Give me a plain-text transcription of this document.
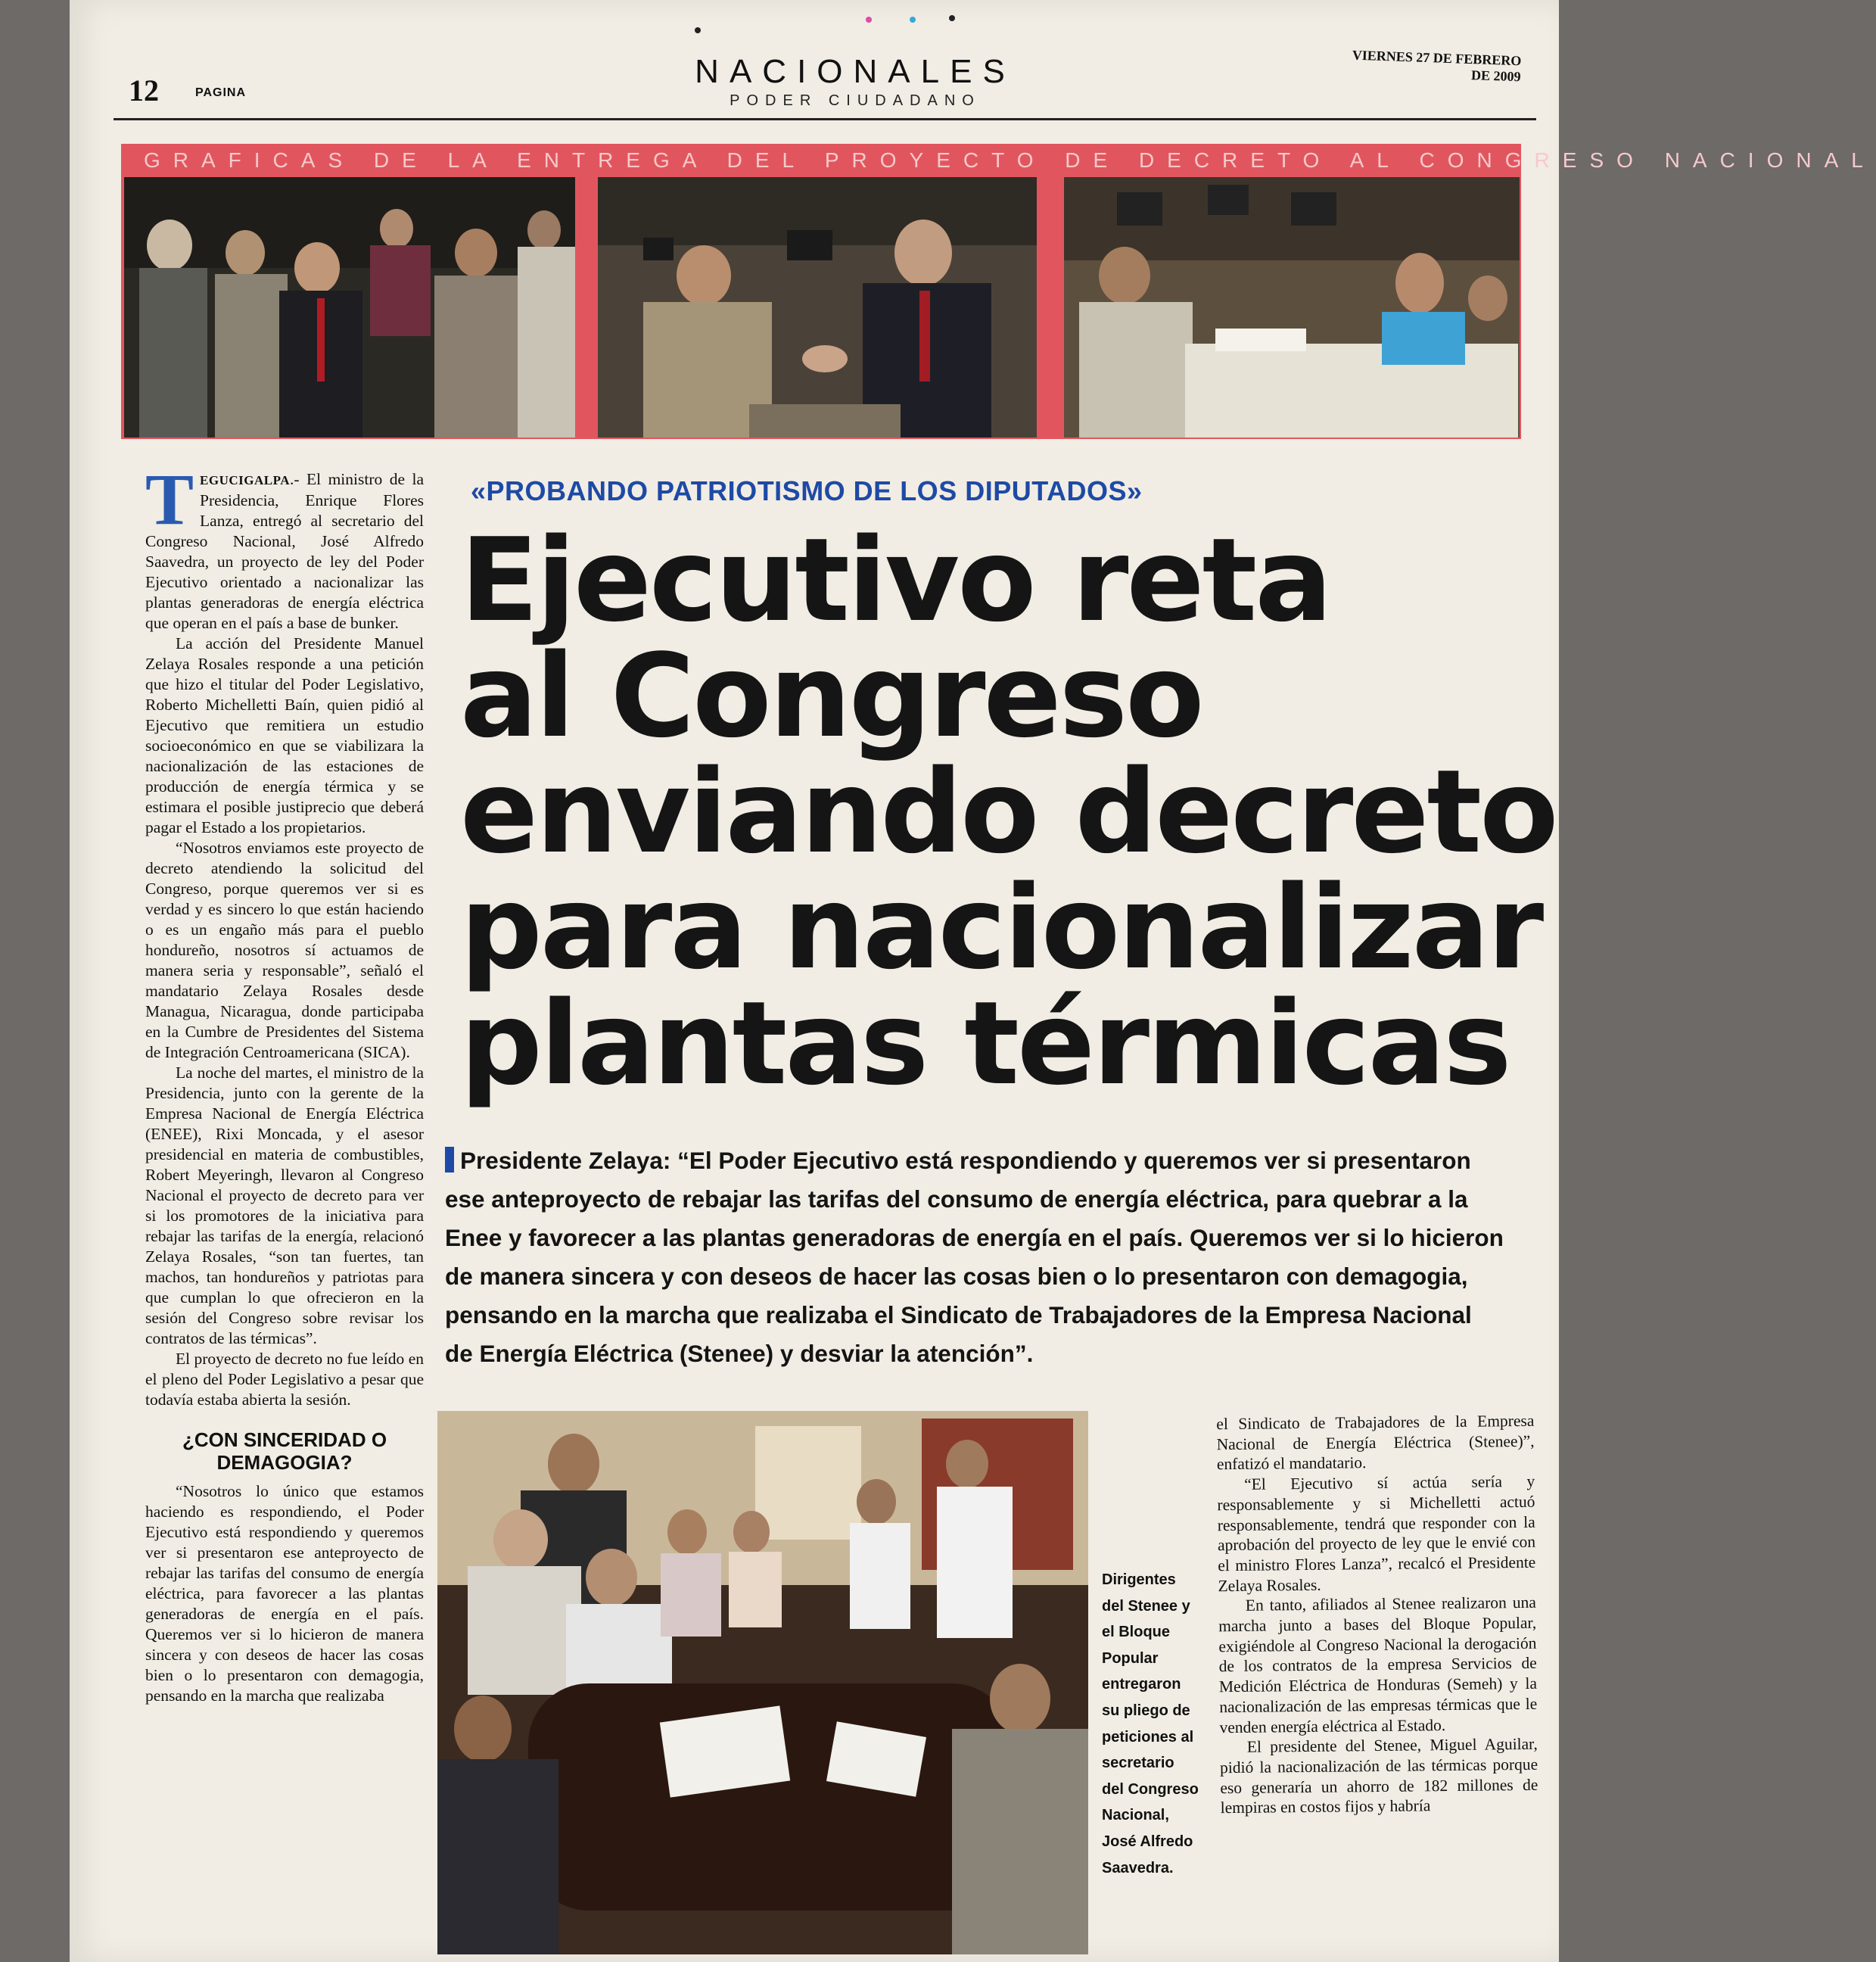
12	PAGINA
NACIONALES
PODER CIUDADANO
VIERNES 27 DE FEBRERO DE 2009
GRAFICAS DE LA ENTREGA DEL PROYECTO DE DECRETO AL CONGRESO NACIONAL

TEGUCIGALPA.- El ministro de la Presidencia, Enrique Flores Lanza, entregó al secretario del Congreso Nacional, José Alfredo Saavedra, un proyecto de ley del Poder Ejecutivo orientado a nacionalizar las plantas generadoras de energía eléctrica que operan en el país a base de bunker.

La acción del Presidente Manuel Zelaya Rosales responde a una petición que hizo el titular del Poder Legislativo, Roberto Michelletti Baín, quien pidió al Ejecutivo que remitiera un estudio socioeconómico en que se viabilizara la nacionalización de las estaciones de producción de energía térmica y se estimara el posible justiprecio que deberá pagar el Estado a los propietarios.

“Nosotros enviamos este proyecto de decreto atendiendo la solicitud del Congreso, porque queremos ver si es verdad y es sincero lo que están haciendo o es un engaño más para el pueblo hondureño, nosotros sí actuamos de manera seria y responsable”, señaló el mandatario Zelaya Rosales desde Managua, Nicaragua, donde participaba en la Cumbre de Presidentes del Sistema de Integración Centroamericana (SICA).

La noche del martes, el ministro de la Presidencia, junto con la gerente de la Empresa Nacional de Energía Eléctrica (ENEE), Rixi Moncada, y el asesor presidencial en materia de combustibles, Robert Meyeringh, llevaron al Congreso Nacional el proyecto de decreto para ver si los promotores de la iniciativa para rebajar las tarifas de la energía, relacionó Zelaya Rosales, “son tan fuertes, tan machos, tan hondureños y patriotas para que cumplan lo que ofrecieron en la sesión del Congreso sobre revisar los contratos de las térmicas”.

El proyecto de decreto no fue leído en el pleno del Poder Legislativo a pesar que todavía estaba abierta la sesión.

¿CON SINCERIDAD O DEMAGOGIA?

“Nosotros lo único que estamos haciendo es respondiendo, el Poder Ejecutivo está respondiendo y queremos ver si presentaron ese anteproyecto de rebajar las tarifas del consumo de energía eléctrica, para favorecer a las plantas generadoras de energía en el país. Queremos ver si lo hicieron de manera sincera y con deseos de hacer las cosas bien o lo presentaron con demagogia, pensando en la marcha que realizaba

«PROBANDO PATRIOTISMO DE LOS DIPUTADOS»
Ejecutivo reta
al Congreso
enviando decreto
para nacionalizar
plantas térmicas
Presidente Zelaya: “El Poder Ejecutivo está respondiendo y queremos ver si presentaron ese anteproyecto de rebajar las tarifas del consumo de energía eléctrica, para quebrar a la Enee y favorecer a las plantas generadoras de energía en el país. Queremos ver si lo hicieron de manera sincera y con deseos de hacer las cosas bien o lo presentaron con demagogia, pensando en la marcha que realizaba el Sindicato de Trabajadores de la Empresa Nacional de Energía Eléctrica (Stenee) y desviar la atención”.
Dirigentes del Stenee y el Bloque Popular entregaron su pliego de peticiones al secretario del Congreso Nacional, José Alfredo Saavedra.

el Sindicato de Trabajadores de la Empresa Nacional de Energía Eléctrica (Stenee)”, enfatizó el mandatario.

“El Ejecutivo sí actúa sería y responsablemente y si Michelletti actuó responsablemente, tendrá que responder con la aprobación del proyecto de ley que le envié con el ministro Flores Lanza”, recalcó el Presidente Zelaya Rosales.

En tanto, afiliados al Stenee realizaron una marcha junto a bases del Bloque Popular, exigiéndole al Congreso Nacional la derogación de los contratos de la empresa Servicios de Medición Eléctrica de Honduras (Semeh) y la nacionalización de las empresas térmicas que le venden energía eléctrica al Estado.

El presidente del Stenee, Miguel Aguilar, pidió la nacionalización de las térmicas porque eso generaría un ahorro de 182 millones de lempiras en costos fijos y habría
